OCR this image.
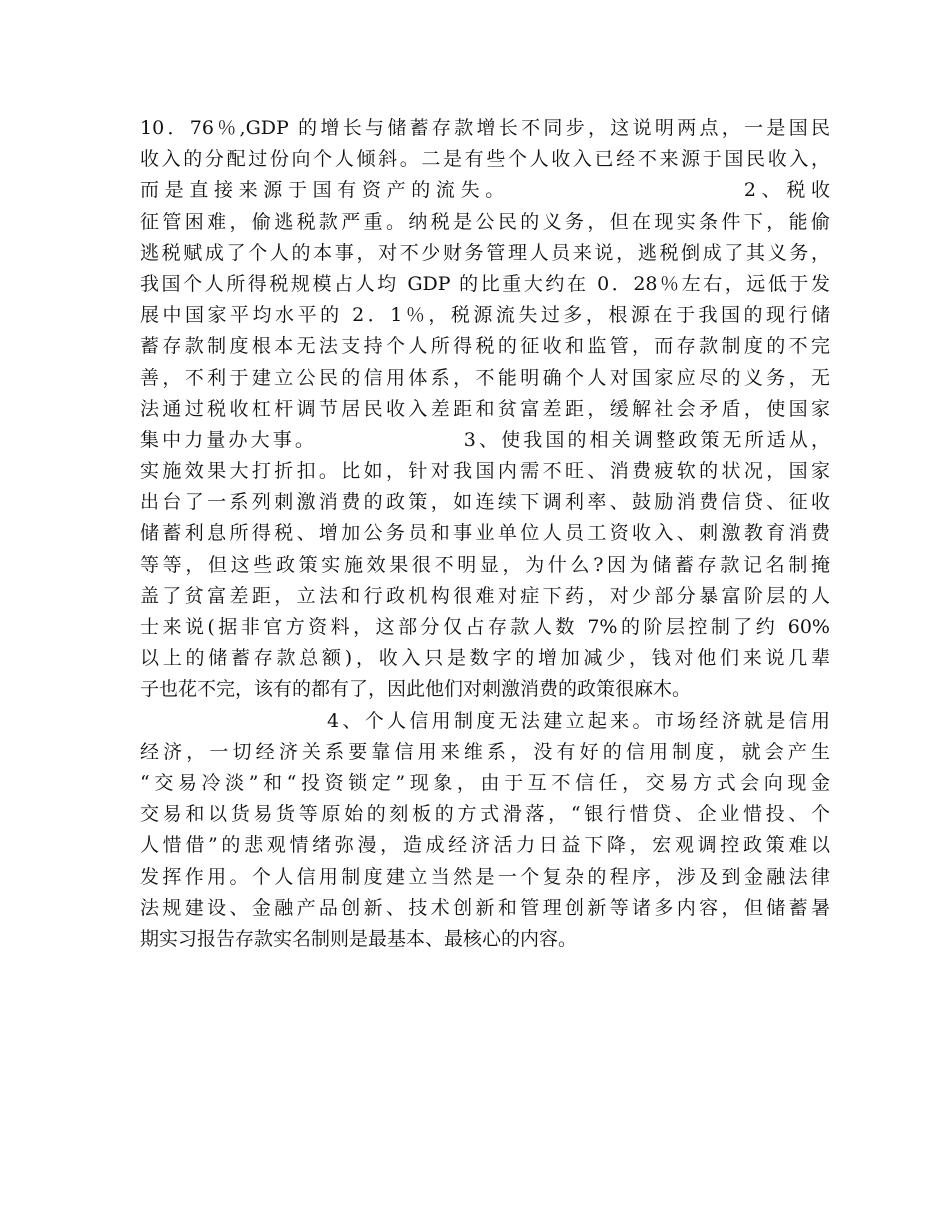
10．76％,GDP 的增长与储蓄存款增长不同步，这说明两点，一是国民
收入的分配过份向个人倾斜。二是有些个人收入已经不来源于国民收入，
而是直接来源于国有资产的流失。                    2、税收
征管困难，偷逃税款严重。纳税是公民的义务，但在现实条件下，能偷
逃税赋成了个人的本事，对不少财务管理人员来说，逃税倒成了其义务，
我国个人所得税规模占人均 GDP 的比重大约在 0．28％左右，远低于发
展中国家平均水平的 2．1％，税源流失过多，根源在于我国的现行储
蓄存款制度根本无法支持个人所得税的征收和监管，而存款制度的不完
善，不利于建立公民的信用体系，不能明确个人对国家应尽的义务，无
法通过税收杠杆调节居民收入差距和贫富差距，缓解社会矛盾，使国家
集中力量办大事。                3、使我国的相关调整政策无所适从，
实施效果大打折扣。比如，针对我国内需不旺、消费疲软的状况，国家
出台了一系列刺激消费的政策，如连续下调利率、鼓励消费信贷、征收
储蓄利息所得税、增加公务员和事业单位人员工资收入、刺激教育消费
等等，但这些政策实施效果很不明显，为什么?因为储蓄存款记名制掩
盖了贫富差距，立法和行政机构很难对症下药，对少部分暴富阶层的人
士来说(据非官方资料，这部分仅占存款人数 7%的阶层控制了约 60%
以上的储蓄存款总额)，收入只是数字的增加减少，钱对他们来说几辈
子也花不完，该有的都有了，因此他们对刺激消费的政策很麻木。
4、个人信用制度无法建立起来。市场经济就是信用
经济，一切经济关系要靠信用来维系，没有好的信用制度，就会产生
“交易冷淡”和“投资锁定”现象，由于互不信任，交易方式会向现金
交易和以货易货等原始的刻板的方式滑落，“银行惜贷、企业惜投、个
人惜借”的悲观情绪弥漫，造成经济活力日益下降，宏观调控政策难以
发挥作用。个人信用制度建立当然是一个复杂的程序，涉及到金融法律
法规建设、金融产品创新、技术创新和管理创新等诸多内容，但储蓄暑
期实习报告存款实名制则是最基本、最核心的内容。
